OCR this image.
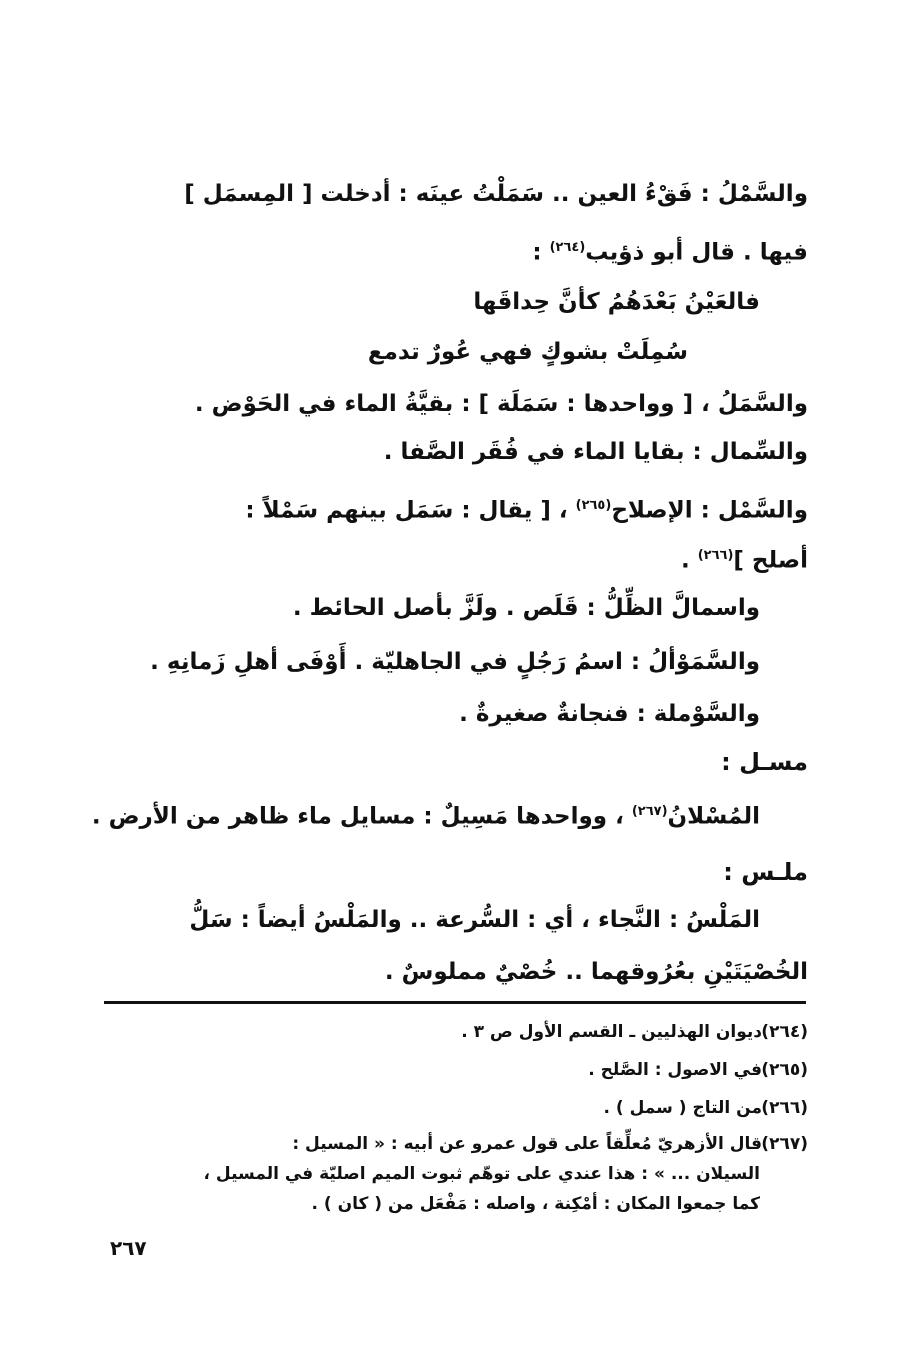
والسَّمْلُ : فَقْءُ العين .. سَمَلْتُ عينَه : أدخلت [ المِسمَل ]
فيها . قال أبو ذؤيب$^{(٢٦٤)}$ :
فالعَيْنُ بَعْدَهُمُ كأنَّ حِداقَها
سُمِلَتْ بشوكٍ فهي عُورٌ تدمع
والسَّمَلُ ، [ وواحدها : سَمَلَة ] : بقيَّةُ الماء في الحَوْض .
والسِّمال : بقايا الماء في فُقَر الصَّفا .
والسَّمْل : الإصلاح$^{(٢٦٥)}$ ، [ يقال : سَمَل بينهم سَمْلاً :
أصلح ]$^{(٢٦٦)}$ .
واسمالَّ الظِّلُّ : قَلَص . ولَزَّ بأصل الحائط .
والسَّمَوْألُ : اسمُ رَجُلٍ في الجاهليّة . أَوْفَى أهلِ زَمانِهِ .
والسَّوْملة : فنجانةٌ صغيرةٌ .
مسـل :
المُسْلانُ$^{(٢٦٧)}$ ، وواحدها مَسِيلٌ : مسايل ماء ظاهر من الأرض .
ملـس :
المَلْسُ : النَّجاء ، أي : السُّرعة .. والمَلْسُ أيضاً : سَلُّ
الخُصْيَتَيْنِ بعُرُوقهما .. خُصْيٌ مملوسٌ .
(٢٦٤)ديوان الهذليين ـ القسم الأول ص ٣ .
(٢٦٥)في الاصول : الصَّلح .
(٢٦٦)من التاج ( سمل ) .
(٢٦٧)قال الأزهريّ مُعلِّقاً على قول عمرو عن أبيه : « المسيل :
السيلان ... » : هذا عندي على توهّم ثبوت الميم اصليّة في المسيل ،
كما جمعوا المكان : أمْكِنة ، واصله : مَفْعَل من ( كان ) .
٢٦٧
